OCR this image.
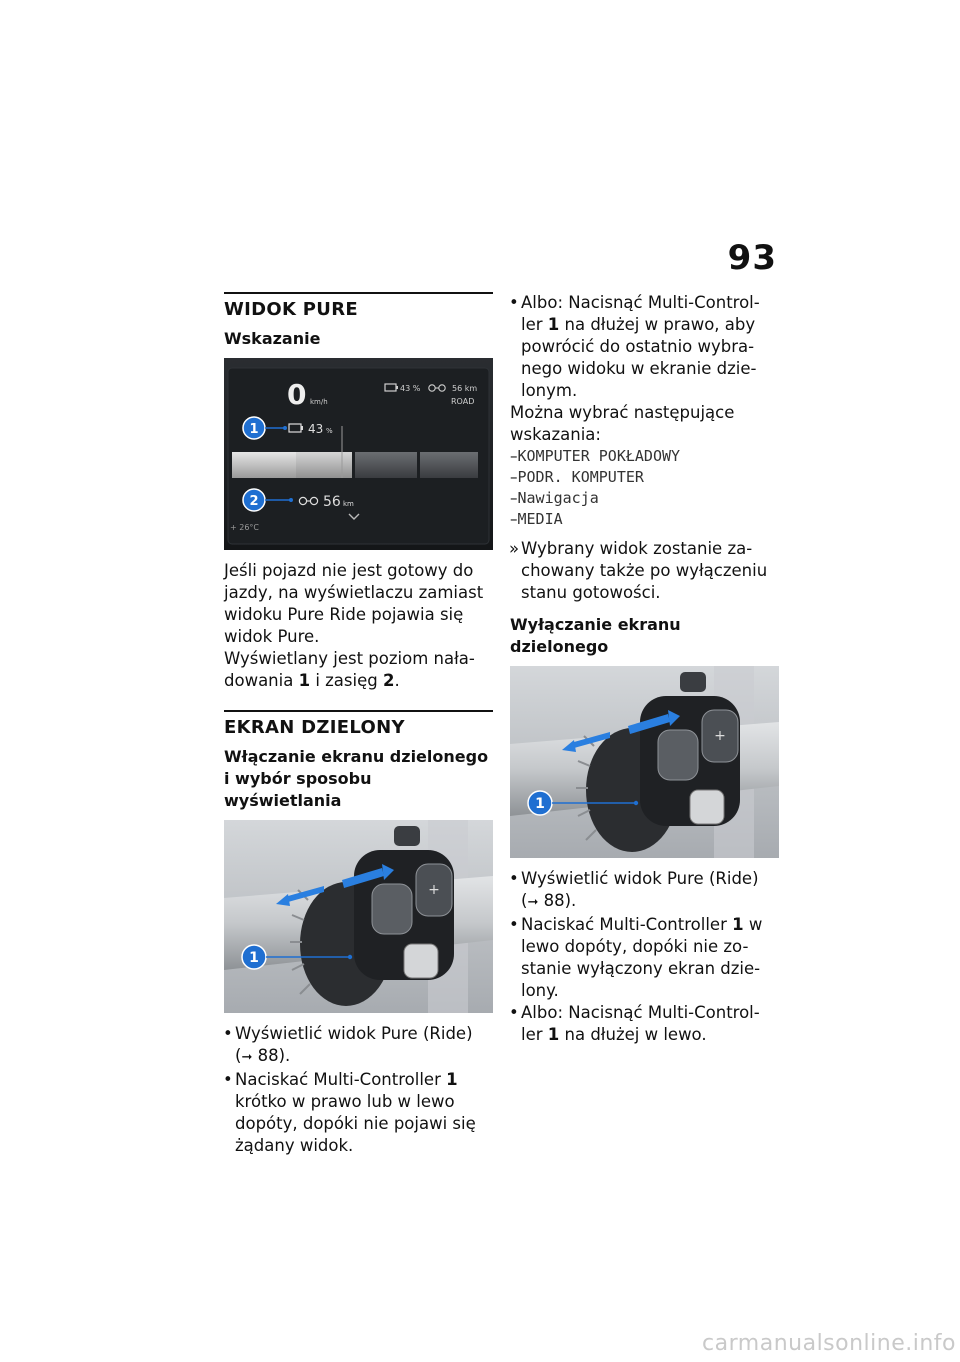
93
WIDOK PURE
Wskazanie
0 km/h
43 %	56 km
ROAD
1	43 %
2	56 km
+ 26°C

Jeśli pojazd nie jest gotowy do jazdy, na wyświetlaczu zamiast widoku Pure Ride pojawia się widok Pure.

Wyświetlany jest poziom nała-dowania 1 i zasięg 2.

EKRAN DZIELONY
Włączanie ekranu dzielonego i wybór sposobu wyświetlania
+
1
• Wyświetlić widok Pure (Ride)
(➞ 88).
• Naciskać Multi-Controller 1 krótko w prawo lub w lewo dopóty, dopóki nie pojawi się żądany widok.
• Albo: Nacisnąć Multi-Control-ler 1 na dłużej w prawo, aby powrócić do ostatnio wybra-nego widoku w ekranie dzie-lonym.

Można wybrać następujące wskazania:

–KOMPUTER POKŁADOWY
–PODR. KOMPUTER
–Nawigacja
–MEDIA
» Wybrany widok zostanie za-chowany także po wyłączeniu stanu gotowości.
Wyłączanie ekranu dzielonego
+
1
• Wyświetlić widok Pure (Ride)
(➞ 88).
• Naciskać Multi-Controller 1 w lewo dopóty, dopóki nie zo-stanie wyłączony ekran dzie-lony.
• Albo: Nacisnąć Multi-Control-ler 1 na dłużej w lewo.
carmanualsonline.info
